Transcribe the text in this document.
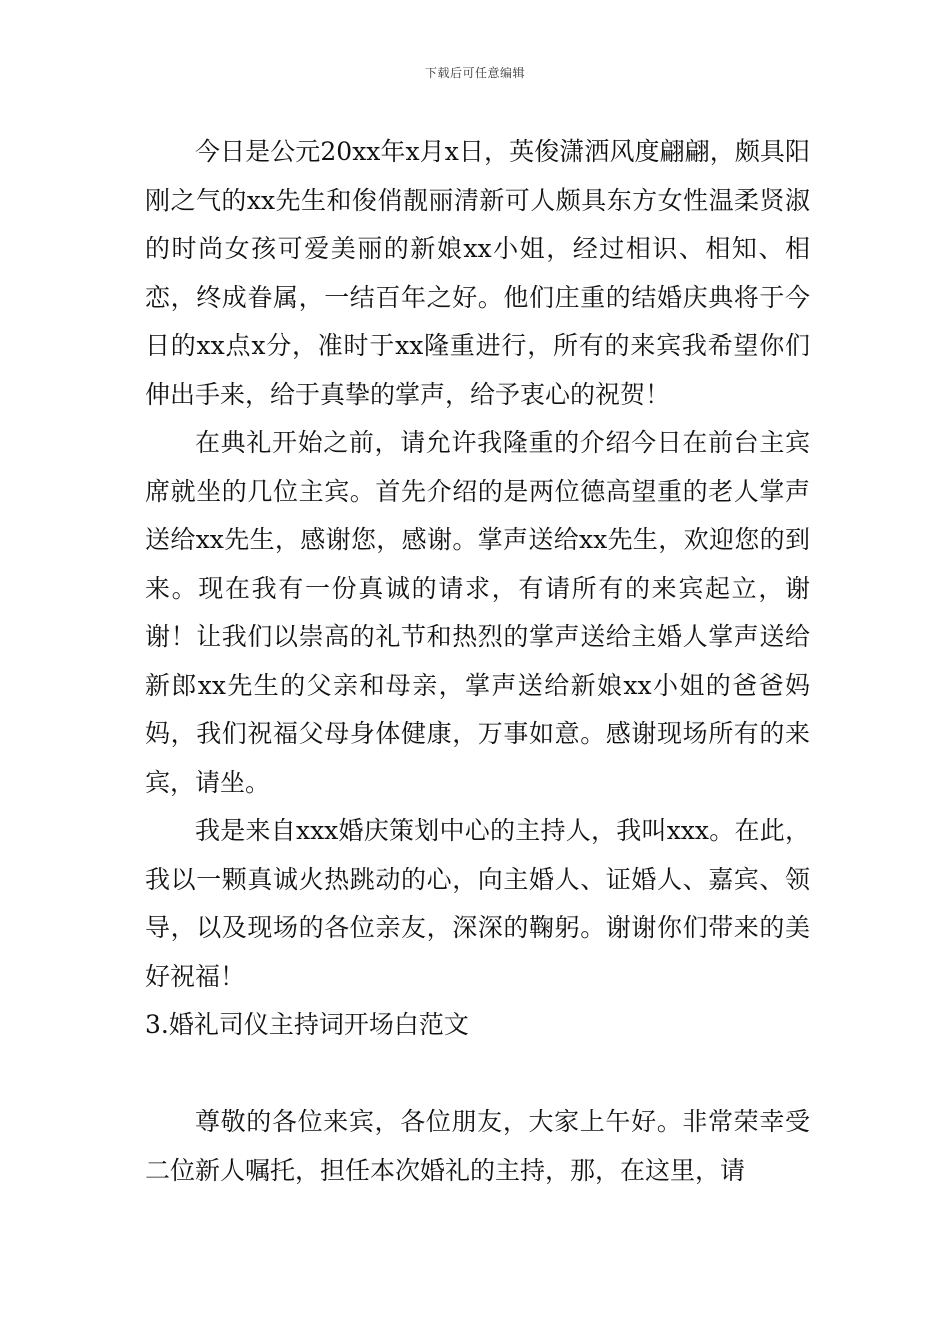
下载后可任意编辑

今日是公元20xx年x月x日，英俊潇洒风度翩翩，颇具阳刚之气的xx先生和俊俏靓丽清新可人颇具东方女性温柔贤淑的时尚女孩可爱美丽的新娘xx小姐，经过相识、相知、相恋，终成眷属，一结百年之好。他们庄重的结婚庆典将于今日的xx点x分，准时于xx隆重进行，所有的来宾我希望你们伸出手来，给于真挚的掌声，给予衷心的祝贺！

在典礼开始之前，请允许我隆重的介绍今日在前台主宾席就坐的几位主宾。首先介绍的是两位德高望重的老人掌声送给xx先生，感谢您，感谢。掌声送给xx先生，欢迎您的到来。现在我有一份真诚的请求，有请所有的来宾起立，谢谢！让我们以崇高的礼节和热烈的掌声送给主婚人掌声送给新郎xx先生的父亲和母亲，掌声送给新娘xx小姐的爸爸妈妈，我们祝福父母身体健康，万事如意。感谢现场所有的来宾，请坐。

我是来自xxx婚庆策划中心的主持人，我叫xxx。在此，我以一颗真诚火热跳动的心，向主婚人、证婚人、嘉宾、领导，以及现场的各位亲友，深深的鞠躬。谢谢你们带来的美好祝福！

3.婚礼司仪主持词开场白范文

尊敬的各位来宾，各位朋友，大家上午好。非常荣幸受二位新人嘱托，担任本次婚礼的主持，那，在这里，请
